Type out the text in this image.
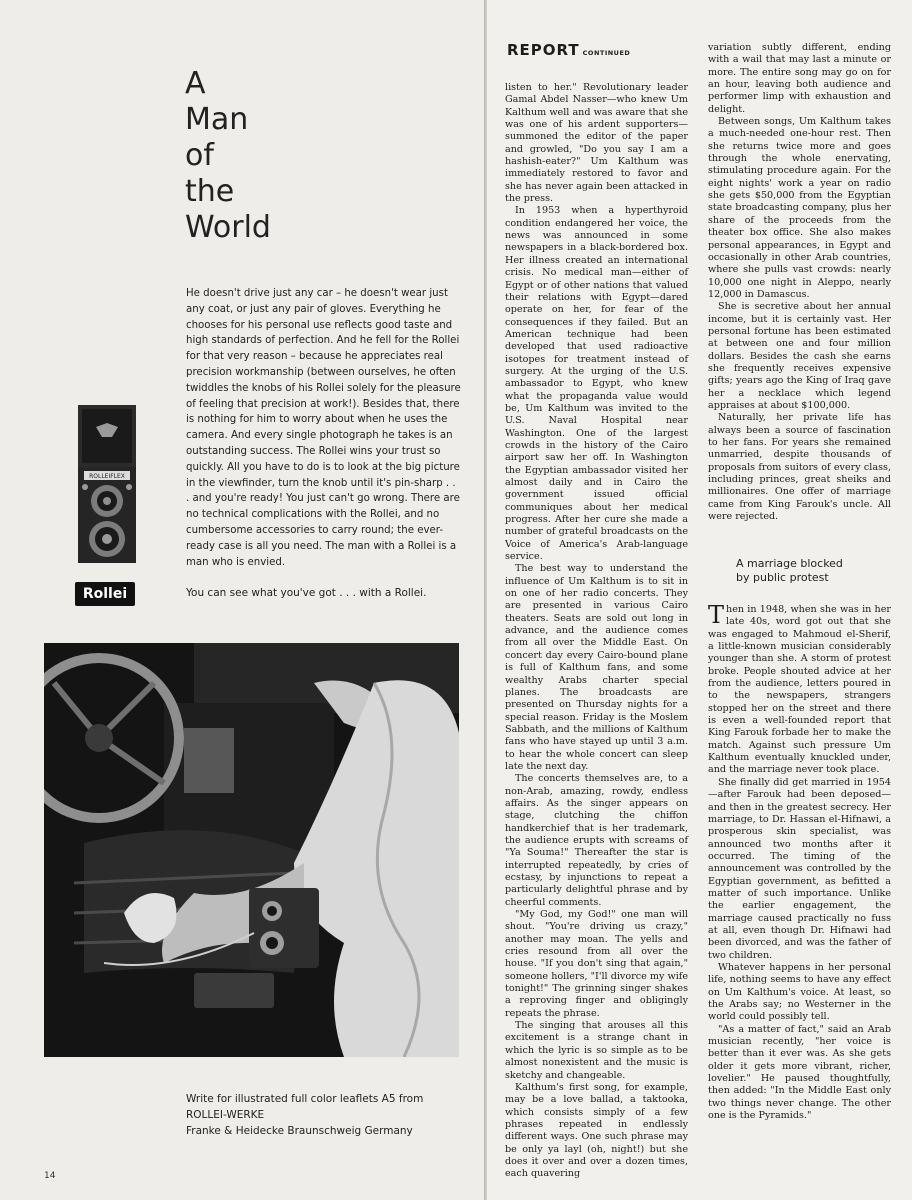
A
Man
of
the
World

He doesn't drive just any car – he doesn't wear just any coat, or just any pair of gloves. Everything he chooses for his personal use reflects good taste and high standards of perfection. And he fell for the Rollei for that very reason – because he appreciates real precision workmanship (between ourselves, he often twiddles the knobs of his Rollei solely for the pleasure of feeling that precision at work!). Besides that, there is nothing for him to worry about when he uses the camera. And every single photograph he takes is an outstanding success. The Rollei wins your trust so quickly. All you have to do is to look at the big picture in the viewfinder, turn the knob until it's pin-sharp . . . and you're ready! You just can't go wrong. There are no technical complications with the Rollei, and no cumbersome accessories to carry round; the ever-ready case is all you need. The man with a Rollei is a man who is envied.

ROLLEIFLEX
Rollei	You can see what you've got . . . with a Rollei.
Write for illustrated full color leaflets A5 from
ROLLEI-WERKE
Franke & Heidecke Braunschweig Germany
14
REPORT CONTINUED

listen to her." Revolutionary leader Gamal Abdel Nasser—who knew Um Kalthum well and was aware that she was one of his ardent supporters—summoned the editor of the paper and growled, "Do you say I am a hashish-eater?" Um Kalthum was immediately restored to favor and she has never again been attacked in the press.

In 1953 when a hyperthyroid condition endangered her voice, the news was announced in some newspapers in a black-bordered box. Her illness created an international crisis. No medical man—either of Egypt or of other nations that valued their relations with Egypt—dared operate on her, for fear of the consequences if they failed. But an American technique had been developed that used radioactive isotopes for treatment instead of surgery. At the urging of the U.S. ambassador to Egypt, who knew what the propaganda value would be, Um Kalthum was invited to the U.S. Naval Hospital near Washington. One of the largest crowds in the history of the Cairo airport saw her off. In Washington the Egyptian ambassador visited her almost daily and in Cairo the government issued official communiques about her medical progress. After her cure she made a number of grateful broadcasts on the Voice of America's Arab-language service.

The best way to understand the influence of Um Kalthum is to sit in on one of her radio concerts. They are presented in various Cairo theaters. Seats are sold out long in advance, and the audience comes from all over the Middle East. On concert day every Cairo-bound plane is full of Kalthum fans, and some wealthy Arabs charter special planes. The broadcasts are presented on Thursday nights for a special reason. Friday is the Moslem Sabbath, and the millions of Kalthum fans who have stayed up until 3 a.m. to hear the whole concert can sleep late the next day.

The concerts themselves are, to a non-Arab, amazing, rowdy, endless affairs. As the singer appears on stage, clutching the chiffon handkerchief that is her trademark, the audience erupts with screams of "Ya Souma!" Thereafter the star is interrupted repeatedly, by cries of ecstasy, by injunctions to repeat a particularly delightful phrase and by cheerful comments.

"My God, my God!" one man will shout. "You're driving us crazy," another may moan. The yells and cries resound from all over the house. "If you don't sing that again," someone hollers, "I'll divorce my wife tonight!" The grinning singer shakes a reproving finger and obligingly repeats the phrase.

The singing that arouses all this excitement is a strange chant in which the lyric is so simple as to be almost nonexistent and the music is sketchy and changeable.

Kalthum's first song, for example, may be a love ballad, a taktooka, which consists simply of a few phrases repeated in endlessly different ways. One such phrase may be only ya layl (oh, night!) but she does it over and over a dozen times, each quavering

variation subtly different, ending with a wail that may last a minute or more. The entire song may go on for an hour, leaving both audience and performer limp with exhaustion and delight.

Between songs, Um Kalthum takes a much-needed one-hour rest. Then she returns twice more and goes through the whole enervating, stimulating procedure again. For the eight nights' work a year on radio she gets $50,000 from the Egyptian state broadcasting company, plus her share of the proceeds from the theater box office. She also makes personal appearances, in Egypt and occasionally in other Arab countries, where she pulls vast crowds: nearly 10,000 one night in Aleppo, nearly 12,000 in Damascus.

She is secretive about her annual income, but it is certainly vast. Her personal fortune has been estimated at between one and four million dollars. Besides the cash she earns she frequently receives expensive gifts; years ago the King of Iraq gave her a necklace which legend appraises at about $100,000.

Naturally, her private life has always been a source of fascination to her fans. For years she remained unmarried, despite thousands of proposals from suitors of every class, including princes, great sheiks and millionaires. One offer of marriage came from King Farouk's uncle. All were rejected.

A marriage blocked
by public protest

Then in 1948, when she was in her late 40s, word got out that she was engaged to Mahmoud el-Sherif, a little-known musician considerably younger than she. A storm of protest broke. People shouted advice at her from the audience, letters poured in to the newspapers, strangers stopped her on the street and there is even a well-founded report that King Farouk forbade her to make the match. Against such pressure Um Kalthum eventually knuckled under, and the marriage never took place.

She finally did get married in 1954—after Farouk had been deposed—and then in the greatest secrecy. Her marriage, to Dr. Hassan el-Hifnawi, a prosperous skin specialist, was announced two months after it occurred. The timing of the announcement was controlled by the Egyptian government, as befitted a matter of such importance. Unlike the earlier engagement, the marriage caused practically no fuss at all, even though Dr. Hifnawi had been divorced, and was the father of two children.

Whatever happens in her personal life, nothing seems to have any effect on Um Kalthum's voice. At least, so the Arabs say; no Westerner in the world could possibly tell.

"As a matter of fact," said an Arab musician recently, "her voice is better than it ever was. As she gets older it gets more vibrant, richer, lovelier." He paused thoughtfully, then added: "In the Middle East only two things never change. The other one is the Pyramids."
